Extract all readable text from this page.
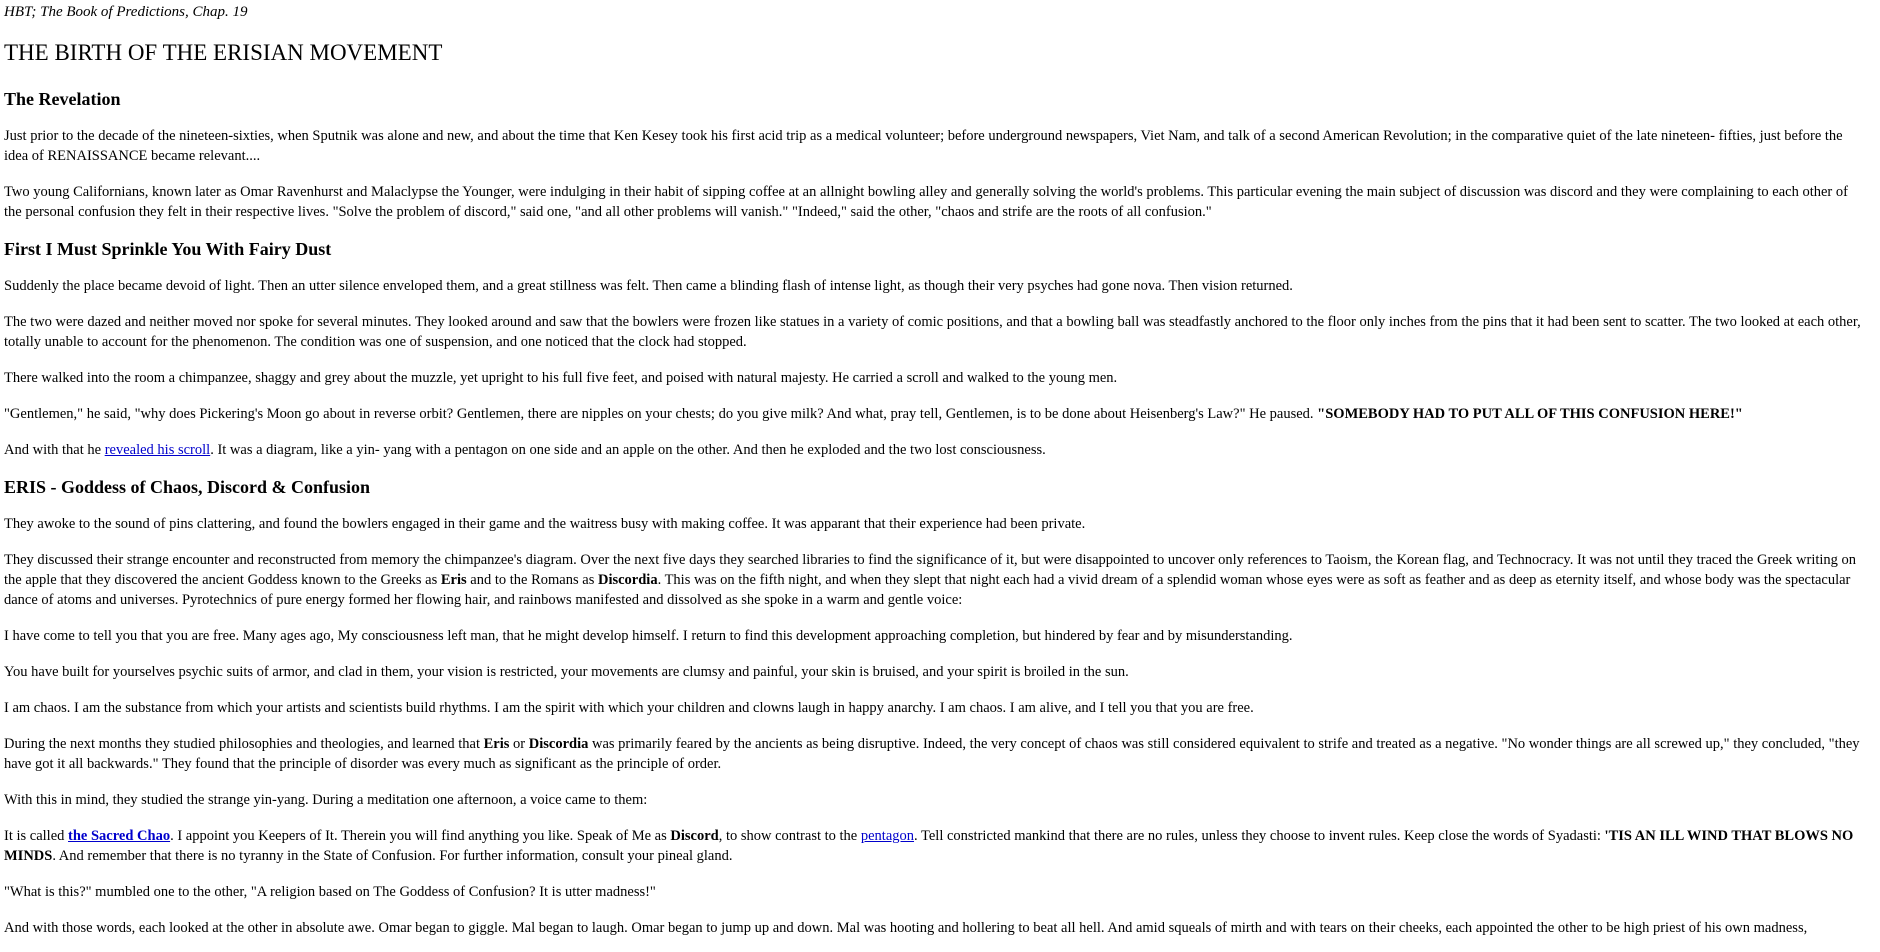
HBT; The Book of Predictions, Chap. 19
THE BIRTH OF THE ERISIAN MOVEMENT
The Revelation

Just prior to the decade of the nineteen-sixties, when Sputnik was alone and new, and about the time that Ken Kesey took his first acid trip as a medical volunteer; before underground newspapers, Viet Nam, and talk of a second American Revolution; in the comparative quiet of the late nineteen- fifties, just before the idea of RENAISSANCE became relevant....

Two young Californians, known later as Omar Ravenhurst and Malaclypse the Younger, were indulging in their habit of sipping coffee at an allnight bowling alley and generally solving the world's problems. This particular evening the main subject of discussion was discord and they were complaining to each other of the personal confusion they felt in their respective lives. "Solve the problem of discord," said one, "and all other problems will vanish." "Indeed," said the other, "chaos and strife are the roots of all confusion."

First I Must Sprinkle You With Fairy Dust

Suddenly the place became devoid of light. Then an utter silence enveloped them, and a great stillness was felt. Then came a blinding flash of intense light, as though their very psyches had gone nova. Then vision returned.

The two were dazed and neither moved nor spoke for several minutes. They looked around and saw that the bowlers were frozen like statues in a variety of comic positions, and that a bowling ball was steadfastly anchored to the floor only inches from the pins that it had been sent to scatter. The two looked at each other, totally unable to account for the phenomenon. The condition was one of suspension, and one noticed that the clock had stopped.

There walked into the room a chimpanzee, shaggy and grey about the muzzle, yet upright to his full five feet, and poised with natural majesty. He carried a scroll and walked to the young men.

"Gentlemen," he said, "why does Pickering's Moon go about in reverse orbit? Gentlemen, there are nipples on your chests; do you give milk? And what, pray tell, Gentlemen, is to be done about Heisenberg's Law?" He paused. "SOMEBODY HAD TO PUT ALL OF THIS CONFUSION HERE!"

And with that he revealed his scroll. It was a diagram, like a yin- yang with a pentagon on one side and an apple on the other. And then he exploded and the two lost consciousness.

ERIS - Goddess of Chaos, Discord & Confusion

They awoke to the sound of pins clattering, and found the bowlers engaged in their game and the waitress busy with making coffee. It was apparant that their experience had been private.

They discussed their strange encounter and reconstructed from memory the chimpanzee's diagram. Over the next five days they searched libraries to find the significance of it, but were disappointed to uncover only references to Taoism, the Korean flag, and Technocracy. It was not until they traced the Greek writing on the apple that they discovered the ancient Goddess known to the Greeks as Eris and to the Romans as Discordia. This was on the fifth night, and when they slept that night each had a vivid dream of a splendid woman whose eyes were as soft as feather and as deep as eternity itself, and whose body was the spectacular dance of atoms and universes. Pyrotechnics of pure energy formed her flowing hair, and rainbows manifested and dissolved as she spoke in a warm and gentle voice:

I have come to tell you that you are free. Many ages ago, My consciousness left man, that he might develop himself. I return to find this development approaching completion, but hindered by fear and by misunderstanding.

You have built for yourselves psychic suits of armor, and clad in them, your vision is restricted, your movements are clumsy and painful, your skin is bruised, and your spirit is broiled in the sun.

I am chaos. I am the substance from which your artists and scientists build rhythms. I am the spirit with which your children and clowns laugh in happy anarchy. I am chaos. I am alive, and I tell you that you are free.

During the next months they studied philosophies and theologies, and learned that Eris or Discordia was primarily feared by the ancients as being disruptive. Indeed, the very concept of chaos was still considered equivalent to strife and treated as a negative. "No wonder things are all screwed up," they concluded, "they have got it all backwards." They found that the principle of disorder was every much as significant as the principle of order.

With this in mind, they studied the strange yin-yang. During a meditation one afternoon, a voice came to them:

It is called the Sacred Chao. I appoint you Keepers of It. Therein you will find anything you like. Speak of Me as Discord, to show contrast to the pentagon. Tell constricted mankind that there are no rules, unless they choose to invent rules. Keep close the words of Syadasti: 'TIS AN ILL WIND THAT BLOWS NO MINDS. And remember that there is no tyranny in the State of Confusion. For further information, consult your pineal gland.

"What is this?" mumbled one to the other, "A religion based on The Goddess of Confusion? It is utter madness!"

And with those words, each looked at the other in absolute awe. Omar began to giggle. Mal began to laugh. Omar began to jump up and down. Mal was hooting and hollering to beat all hell. And amid squeals of mirth and with tears on their cheeks, each appointed the other to be high priest of his own madness,
